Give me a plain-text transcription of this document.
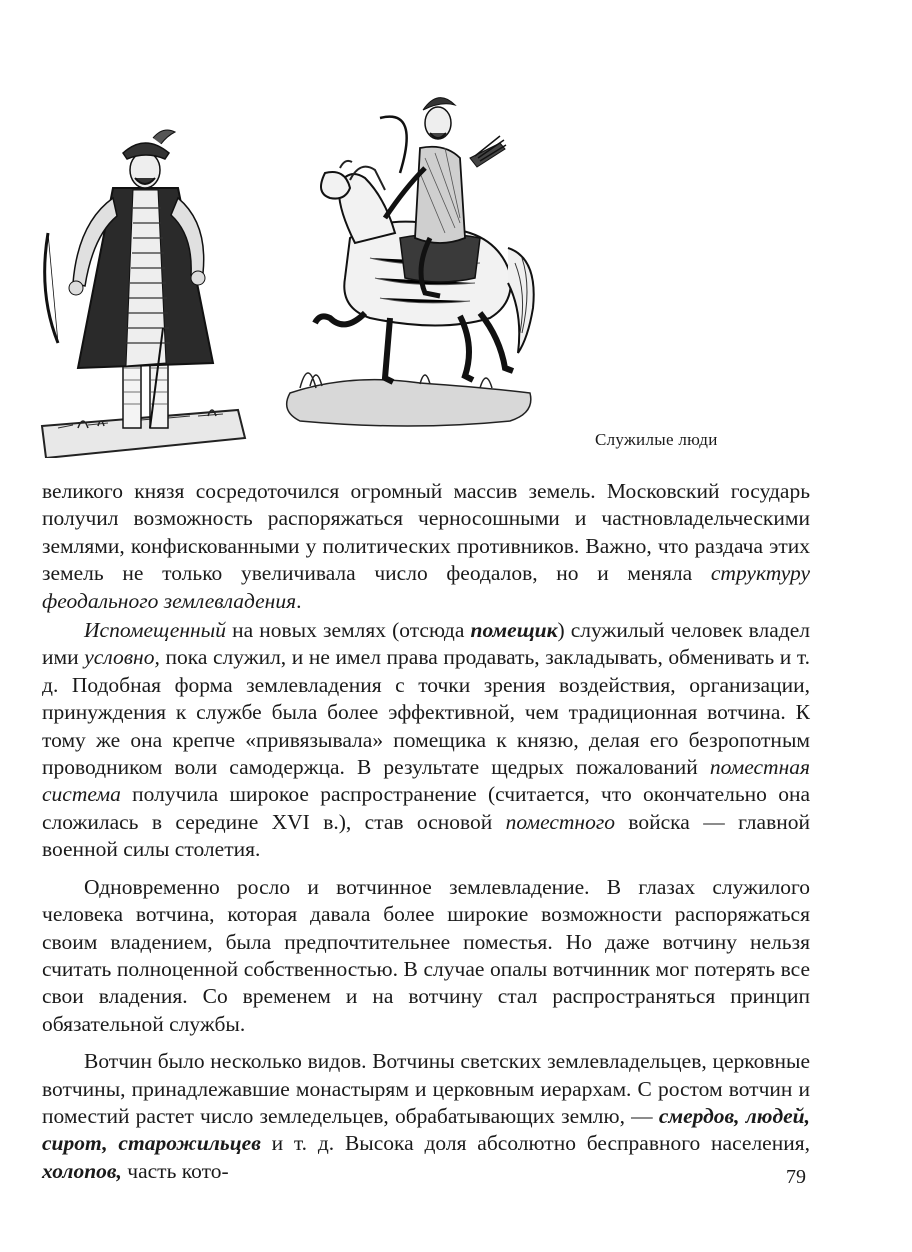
Служилые люди

великого князя сосредоточился огромный массив земель. Московский государь получил возможность распоряжаться черносошными и частновладельческими землями, конфискованными у политических противников. Важно, что раздача этих земель не только увеличивала число феодалов, но и меняла структуру феодального землевладения.

Испомещенный на новых землях (отсюда помещик) служилый человек владел ими условно, пока служил, и не имел права продавать, закладывать, обменивать и т. д. Подобная форма землевладения с точки зрения воздействия, организации, принуждения к службе была более эффективной, чем традиционная вотчина. К тому же она крепче «привязывала» помещика к князю, делая его безропотным проводником воли самодержца. В результате щедрых пожалований поместная система получила широкое распространение (считается, что окончательно она сложилась в середине XVI в.), став основой поместного войска — главной военной силы столетия.

Одновременно росло и вотчинное землевладение. В глазах служилого человека вотчина, которая давала более широкие возможности распоряжаться своим владением, была предпочтительнее поместья. Но даже вотчину нельзя считать полноценной собственностью. В случае опалы вотчинник мог потерять все свои владения. Со временем и на вотчину стал распространяться принцип обязательной службы.

Вотчин было несколько видов. Вотчины светских землевладельцев, церковные вотчины, принадлежавшие монастырям и церковным иерархам. С ростом вотчин и поместий растет число земледельцев, обрабатывающих землю, — смердов, людей, сирот, старожильцев и т. д. Высока доля абсолютно бесправного населения, холопов, часть кото-	79
